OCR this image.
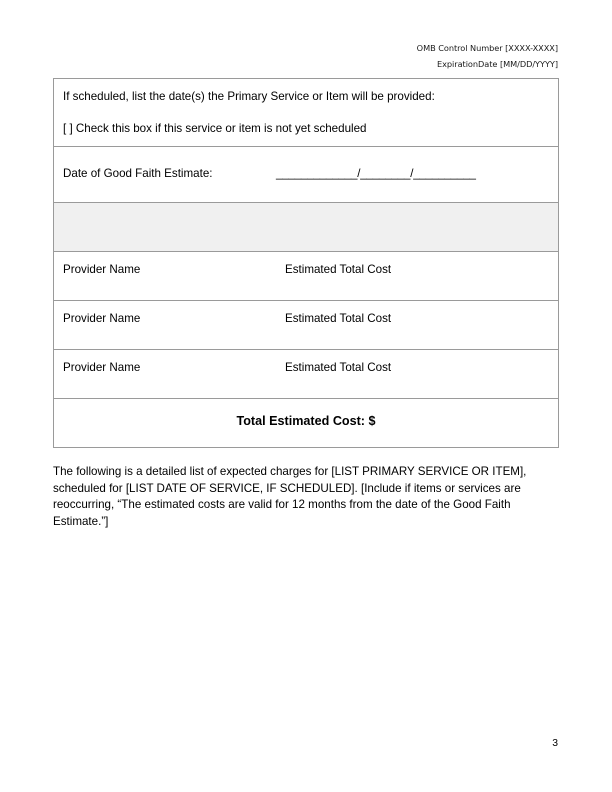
OMB Control Number [XXXX-XXXX]
ExpirationDate [MM/DD/YYYY]
If scheduled, list the date(s) the Primary Service or Item will be provided:
[ ] Check this box if this service or item is not yet scheduled

Date of Good Faith Estimate:	_____________/________/__________

Provider Name	Estimated Total Cost

Provider Name	Estimated Total Cost

Provider Name	Estimated Total Cost

Total Estimated Cost: $
The following is a detailed list of expected charges for [LIST PRIMARY SERVICE OR ITEM], scheduled for [LIST DATE OF SERVICE, IF SCHEDULED]. [Include if items or services are reoccurring, “The estimated costs are valid for 12 months from the date of the Good Faith Estimate.”]
3
